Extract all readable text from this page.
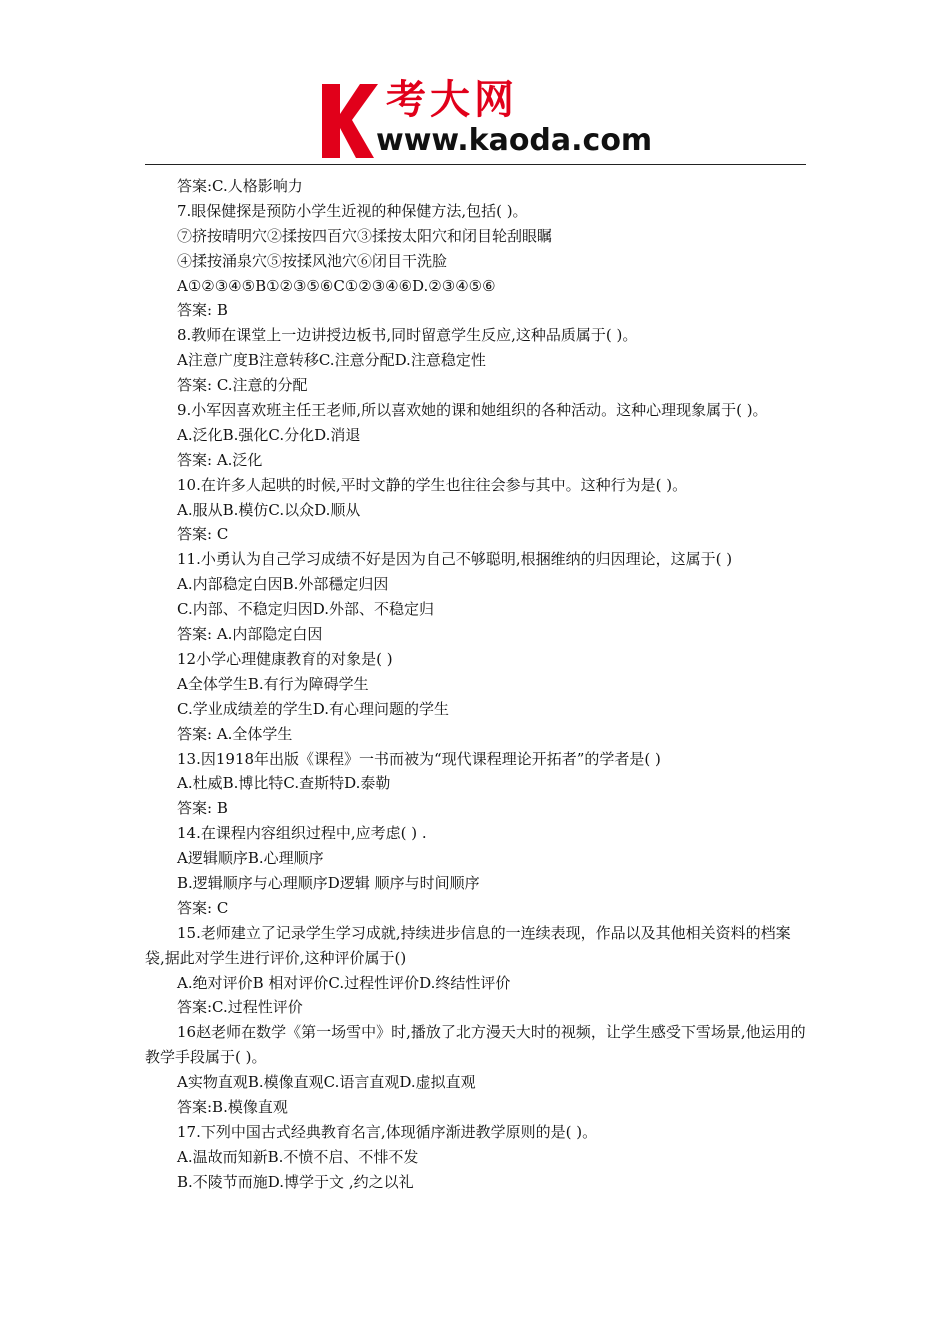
考大网
www.kaoda.com
答案:C.人格影响力
7.眼保健探是预防小学生近视的种保健方法,包括( )。
⑦挤按晴明穴②揉按四百穴③揉按太阳穴和闭目轮刮眼瞩
④揉按涌泉穴⑤按揉风池穴⑥闭目干洗脸
A①②③④⑤B①②③⑤⑥C①②③④⑥D.②③④⑤⑥
答案: B
8.教师在课堂上一边讲授边板书,同时留意学生反应,这种品质属于( )。
A注意广度B注意转移C.注意分配D.注意稳定性
答案: C.注意的分配
9.小军因喜欢班主任王老师,所以喜欢她的课和她组织的各种活动。这种心理现象属于( )。
A.泛化B.强化C.分化D.消退
答案: A.泛化
10.在许多人起哄的时候,平时文静的学生也往往会参与其中。这种行为是( )。
A.服从B.模仿C.以众D.顺从
答案: C
11.小勇认为自己学习成绩不好是因为自己不够聪明,根捆维纳的归因理论，这属于( )
A.内部稳定白因B.外部穩定归因
C.内部、不稳定归因D.外部、不稳定归
答案: A.内部隐定白因
12小学心理健康教育的对象是( )
A全体学生B.有行为障碍学生
C.学业成绩差的学生D.有心理问题的学生
答案: A.全体学生
13.因1918年出版《课程》一书而被为“现代课程理论开拓者”的学者是( )
A.杜威B.博比特C.查斯特D.泰勒
答案: B
14.在课程内容组织过程中,应考虑( ) .
A逻辑顺序B.心理顺序
B.逻辑顺序与心理顺序D逻辑 顺序与时间顺序
答案: C
15.老师建立了记录学生学习成就,持续进步信息的一连续表现，作品以及其他相关资料的档案袋,据此对学生进行评价,这种评价属于()
A.绝对评价B 相对评价C.过程性评价D.终结性评价
答案:C.过程性评价
16赵老师在数学《第一场雪中》时,播放了北方漫天大时的视频，让学生感受下雪场景,他运用的教学手段属于( )。
A实物直观B.模像直观C.语言直观D.虚拟直观
答案:B.模像直观
17.下列中国古式经典教育名言,体现循序渐进教学原则的是( )。
A.温故而知新B.不愤不启、不悱不发
B.不陵节而施D.博学于文 ,约之以礼
